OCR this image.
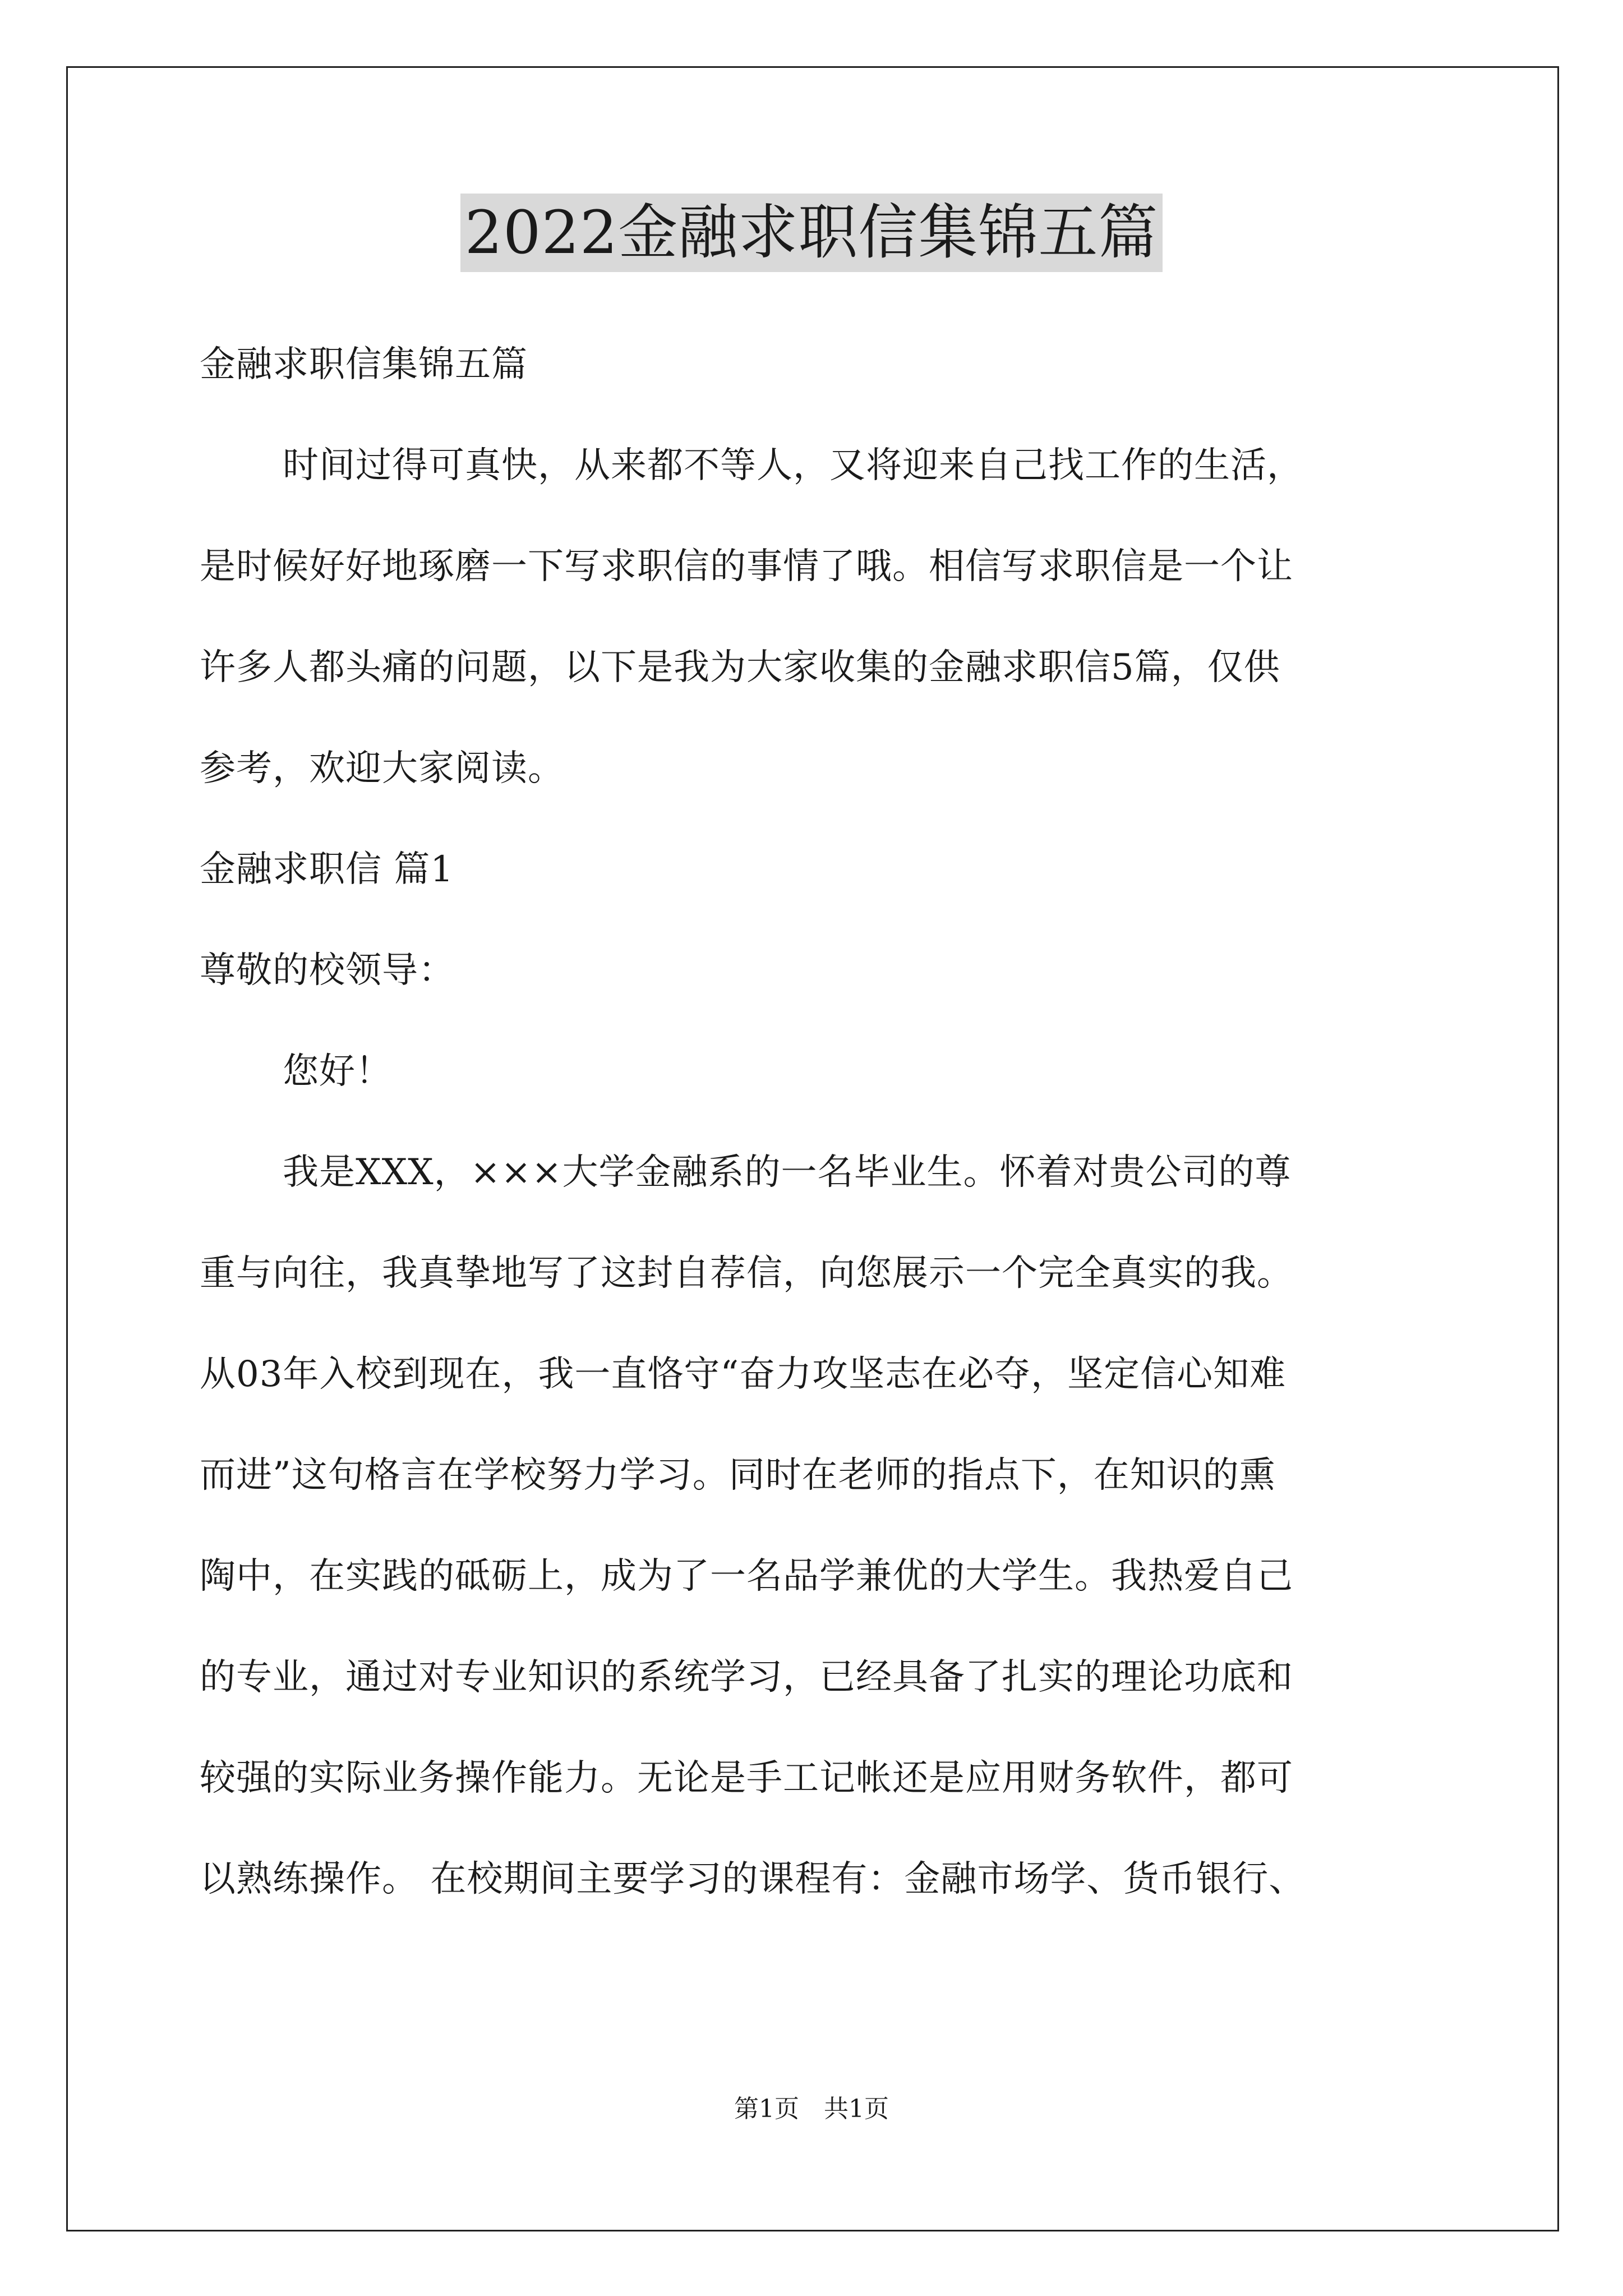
2022金融求职信集锦五篇
金融求职信集锦五篇
时间过得可真快，从来都不等人，又将迎来自己找工作的生活，
是时候好好地琢磨一下写求职信的事情了哦。相信写求职信是一个让
许多人都头痛的问题，以下是我为大家收集的金融求职信5篇，仅供
参考，欢迎大家阅读。
金融求职信 篇1
尊敬的校领导：
您好！
我是XXX，×××大学金融系的一名毕业生。怀着对贵公司的尊
重与向往，我真挚地写了这封自荐信，向您展示一个完全真实的我。
从03年入校到现在，我一直恪守“奋力攻坚志在必夺，坚定信心知难
而进”这句格言在学校努力学习。同时在老师的指点下，在知识的熏
陶中，在实践的砥砺上，成为了一名品学兼优的大学生。我热爱自己
的专业，通过对专业知识的系统学习，已经具备了扎实的理论功底和
较强的实际业务操作能力。无论是手工记帐还是应用财务软件，都可
以熟练操作。 在校期间主要学习的课程有：金融市场学、货币银行、
第1页　共1页
